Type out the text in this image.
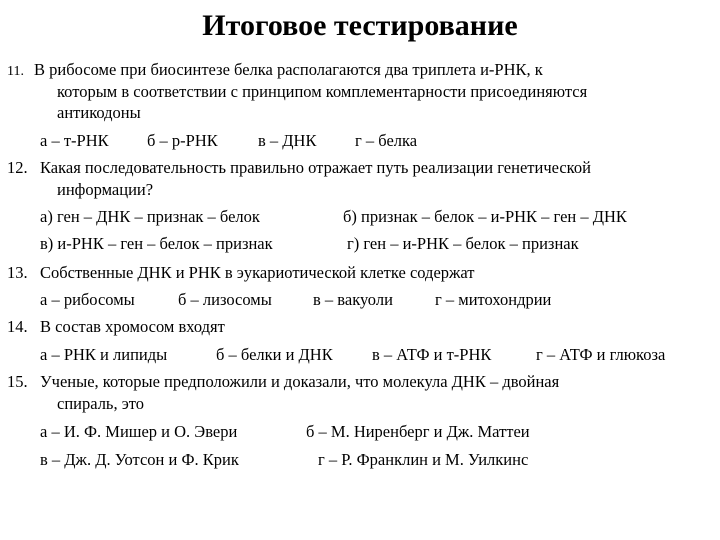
Итоговое тестирование
11. В рибосоме при биосинтезе белка располагаются два триплета и-РНК, к
которым в соответствии с принципом комплементарности присоединяются
антикодоны
а – т-РНК б – р-РНК в – ДНК г – белка
12. Какая последовательность правильно отражает путь реализации генетической
информации?
а) ген – ДНК – признак – белок	б) признак – белок – и-РНК – ген – ДНК
в) и-РНК – ген – белок – признак	г) ген – и-РНК – белок – признак
13. Собственные ДНК и РНК в эукариотической клетке содержат
а – рибосомы	б – лизосомы в – вакуоли	г – митохондрии
14. В состав хромосом входят
а – РНК и липиды	б – белки и ДНК в – АТФ и т-РНК	г – АТФ и глюкоза
15. Ученые, которые предположили и доказали, что молекула ДНК – двойная
спираль, это
а – И. Ф. Мишер и О. Эвери	б – М. Ниренберг и Дж. Маттеи
в – Дж. Д. Уотсон и Ф. Крик	г – Р. Франклин и М. Уилкинс
